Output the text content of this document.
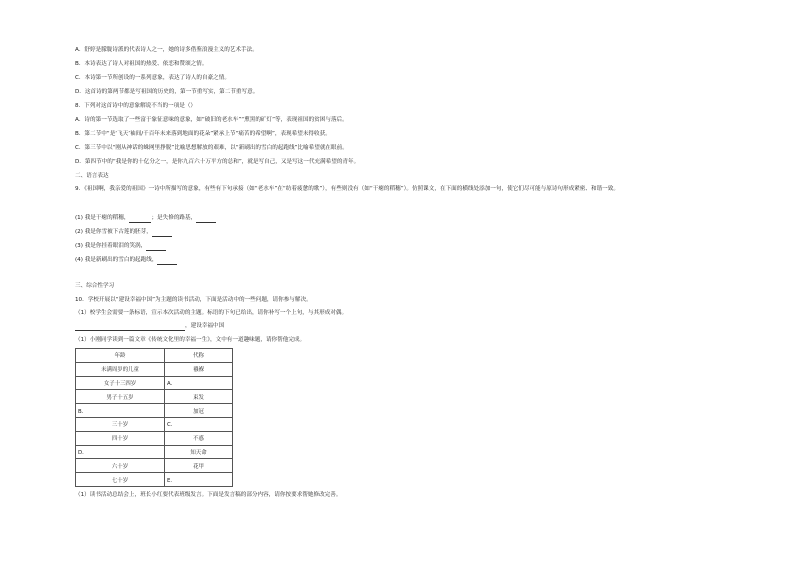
A．舒婷是朦胧诗派的代表诗人之一，她的诗多借鉴浪漫主义的艺术手法。
B．本诗表达了诗人对祖国的热爱、依恋和赞颂之情。
C．本诗第一节所创设的一系列意象，表达了诗人的自豪之情。
D．这首诗的第两节都是写祖国的历史的，第一节重写实，第二节重写意。
8．下列对这首诗中的意象解说不当的一项是（）
A．诗的第一节选取了一些富于象征意味的意象，如“破旧的老水车”“熏黑的矿灯”等，表现祖国的贫困与落后。
B．第二节中“是‘飞天’袖间/千百年未来落到地面的花朵”紧承上节“痛苦的希望啊”，表现希望未得收获。
C．第三节中以“刚从神话的蛛网里挣脱”比喻思想解放的艰难，以“新刷出的雪白的起跑线”比喻希望就在眼前。
D．第四节中的“我是你的十亿分之一，是你九百六十万平方的总和”，就是写自己，又是写这一代充满希望的青年。
二、语言表达
9．《祖国啊，我亲爱的祖国》一诗中所描写的意象，有些有下句承接（如“老水车”在“纺着疲惫的歌”），有些则没有（如“干瘪的稻穗”）。仿照课文，在下面的横线处添加一句，使它们尽可能与原诗句形成紧密、和谐一致。
(1) 我是干瘪的稻穗，	；是失修的路基，
(2) 我是你雪被下古莲的胚芽，
(3) 我是你挂着眼泪的笑涡，
(4) 我是新刷出的雪白的起跑线，
三、综合性学习
10．学校开展以“建设幸福中国”为主题的读书活动，下面是活动中的一些问题，请你参与解决。
（1）校学生会需要一条标语，宣示本次活动的主题。标语的下句已给出，请你补写一个上句，与其形成对偶。
，建设幸福中国
（1）小刚同学读到一篇文章《传统文化里的幸福一生》，文中有一道趣味题，请你帮他完成。
年龄	代称
未满周岁的儿童	襁褓
女子十三四岁	A．
男子十五岁	束发
B．	加冠
三十岁	C．
四十岁	不惑
D．	知天命
六十岁	花甲
七十岁	E．
（1）读书活动总结会上，班长小红要代表班级发言。下面是发言稿的部分内容，请你按要求帮她修改完善。
